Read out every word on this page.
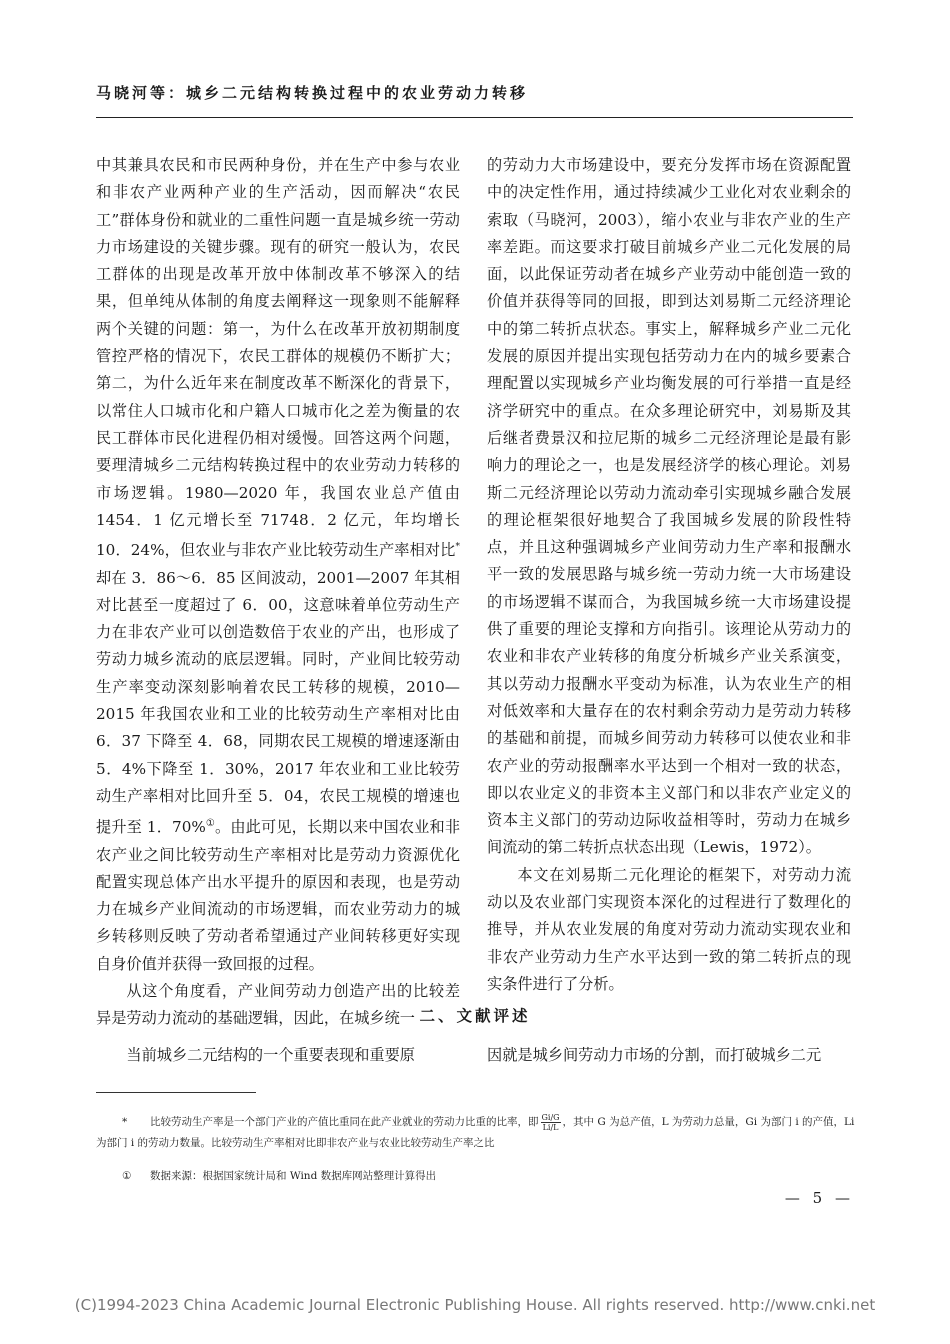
马晓河等：城乡二元结构转换过程中的农业劳动力转移

中其兼具农民和市民两种身份，并在生产中参与农业和非农产业两种产业的生产活动，因而解决“农民工”群体身份和就业的二重性问题一直是城乡统一劳动力市场建设的关键步骤。现有的研究一般认为，农民工群体的出现是改革开放中体制改革不够深入的结果，但单纯从体制的角度去阐释这一现象则不能解释两个关键的问题：第一，为什么在改革开放初期制度管控严格的情况下，农民工群体的规模仍不断扩大；第二，为什么近年来在制度改革不断深化的背景下，以常住人口城市化和户籍人口城市化之差为衡量的农民工群体市民化进程仍相对缓慢。回答这两个问题，要理清城乡二元结构转换过程中的农业劳动力转移的市场逻辑。1980—2020 年，我国农业总产值由 1454．1 亿元增长至 71748．2 亿元，年均增长 10．24%，但农业与非农产业比较劳动生产率相对比*却在 3．86～6．85 区间波动，2001—2007 年其相对比甚至一度超过了 6．00，这意味着单位劳动生产力在非农产业可以创造数倍于农业的产出，也形成了劳动力城乡流动的底层逻辑。同时，产业间比较劳动生产率变动深刻影响着农民工转移的规模，2010—2015 年我国农业和工业的比较劳动生产率相对比由 6．37 下降至 4．68，同期农民工规模的增速逐渐由 5．4%下降至 1．30%，2017 年农业和工业比较劳动生产率相对比回升至 5．04，农民工规模的增速也提升至 1．70%①。由此可见，长期以来中国农业和非农产业之间比较劳动生产率相对比是劳动力资源优化配置实现总体产出水平提升的原因和表现，也是劳动力在城乡产业间流动的市场逻辑，而农业劳动力的城乡转移则反映了劳动者希望通过产业间转移更好实现自身价值并获得一致回报的过程。

从这个角度看，产业间劳动力创造产出的比较差异是劳动力流动的基础逻辑，因此，在城乡统一

的劳动力大市场建设中，要充分发挥市场在资源配置中的决定性作用，通过持续减少工业化对农业剩余的索取（马晓河，2003），缩小农业与非农产业的生产率差距。而这要求打破目前城乡产业二元化发展的局面，以此保证劳动者在城乡产业劳动中能创造一致的价值并获得等同的回报，即到达刘易斯二元经济理论中的第二转折点状态。事实上，解释城乡产业二元化发展的原因并提出实现包括劳动力在内的城乡要素合理配置以实现城乡产业均衡发展的可行举措一直是经济学研究中的重点。在众多理论研究中，刘易斯及其后继者费景汉和拉尼斯的城乡二元经济理论是最有影响力的理论之一，也是发展经济学的核心理论。刘易斯二元经济理论以劳动力流动牵引实现城乡融合发展的理论框架很好地契合了我国城乡发展的阶段性特点，并且这种强调城乡产业间劳动力生产率和报酬水平一致的发展思路与城乡统一劳动力统一大市场建设的市场逻辑不谋而合，为我国城乡统一大市场建设提供了重要的理论支撑和方向指引。该理论从劳动力的农业和非农产业转移的角度分析城乡产业关系演变，其以劳动力报酬水平变动为标准，认为农业生产的相对低效率和大量存在的农村剩余劳动力是劳动力转移的基础和前提，而城乡间劳动力转移可以使农业和非农产业的劳动报酬率水平达到一个相对一致的状态，即以农业定义的非资本主义部门和以非农产业定义的资本主义部门的劳动边际收益相等时，劳动力在城乡间流动的第二转折点状态出现（Lewis，1972）。

本文在刘易斯二元化理论的框架下，对劳动力流动以及农业部门实现资本深化的过程进行了数理化的推导，并从农业发展的角度对劳动力流动实现农业和非农产业劳动力生产水平达到一致的第二转折点的现实条件进行了分析。

二、文献评述
当前城乡二元结构的一个重要表现和重要原	因就是城乡间劳动力市场的分割，而打破城乡二元
* 比较劳动生产率是一个部门产业的产值比重同在此产业就业的劳动力比重的比率，即 $\frac{Gi/G}{Li/L}$ ，其中 G 为总产值，L 为劳动力总量，Gi 为部门 i 的产值，Li 为部门 i 的劳动力数量。比较劳动生产率相对比即非农产业与农业比较劳动生产率之比
① 数据来源：根据国家统计局和 Wind 数据库网站整理计算得出
— 5 —
(C)1994-2023 China Academic Journal Electronic Publishing House. All rights reserved. http://www.cnki.net
